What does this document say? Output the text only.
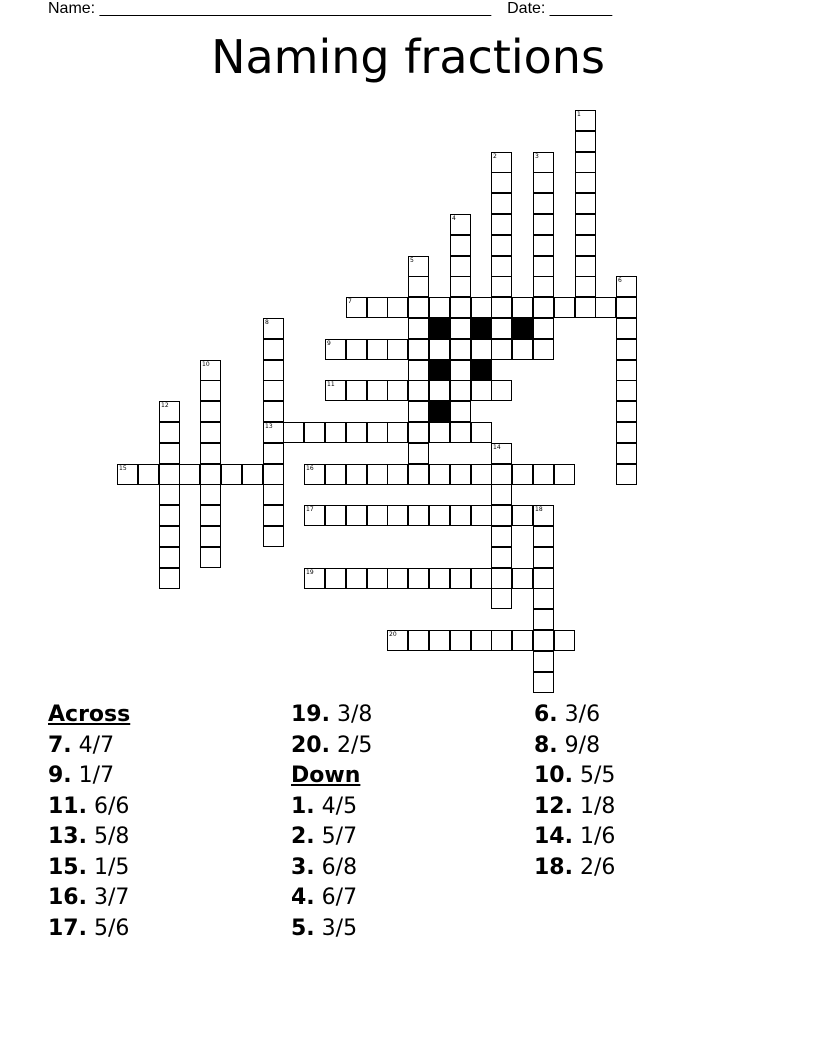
Name: ____________________________________________ Date: _______
Naming fractions
7
9
11
13
15	16
17
19
20
1
2	3
4
5
6
8
10
12
14
18
Across
7. 4/7
9. 1/7
11. 6/6
13. 5/8
15. 1/5
16. 3/7
17. 5/6
19. 3/8
20. 2/5
Down
1. 4/5
2. 5/7
3. 6/8
4. 6/7
5. 3/5
6. 3/6
8. 9/8
10. 5/5
12. 1/8
14. 1/6
18. 2/6
